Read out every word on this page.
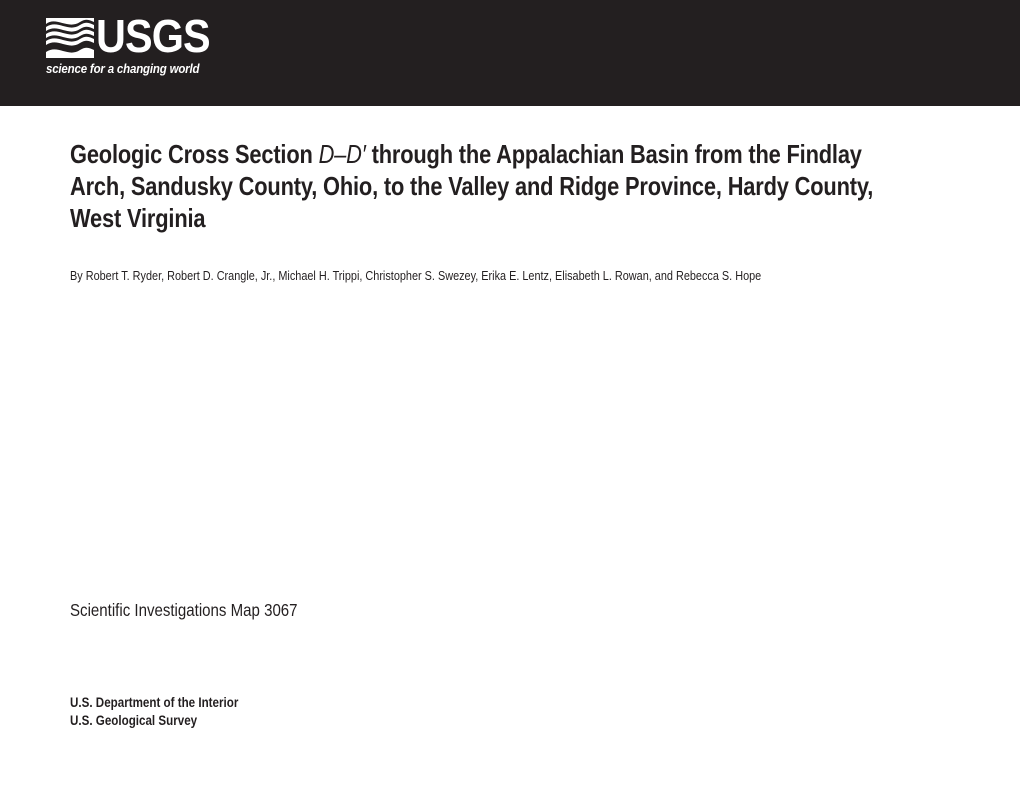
USGS
science for a changing world
Geologic Cross Section D–D′ through the Appalachian Basin from the Findlay
Arch, Sandusky County, Ohio, to the Valley and Ridge Province, Hardy County,
West Virginia
By Robert T. Ryder, Robert D. Crangle, Jr., Michael H. Trippi, Christopher S. Swezey, Erika E. Lentz, Elisabeth L. Rowan, and Rebecca S. Hope
Scientific Investigations Map 3067
U.S. Department of the Interior
U.S. Geological Survey
